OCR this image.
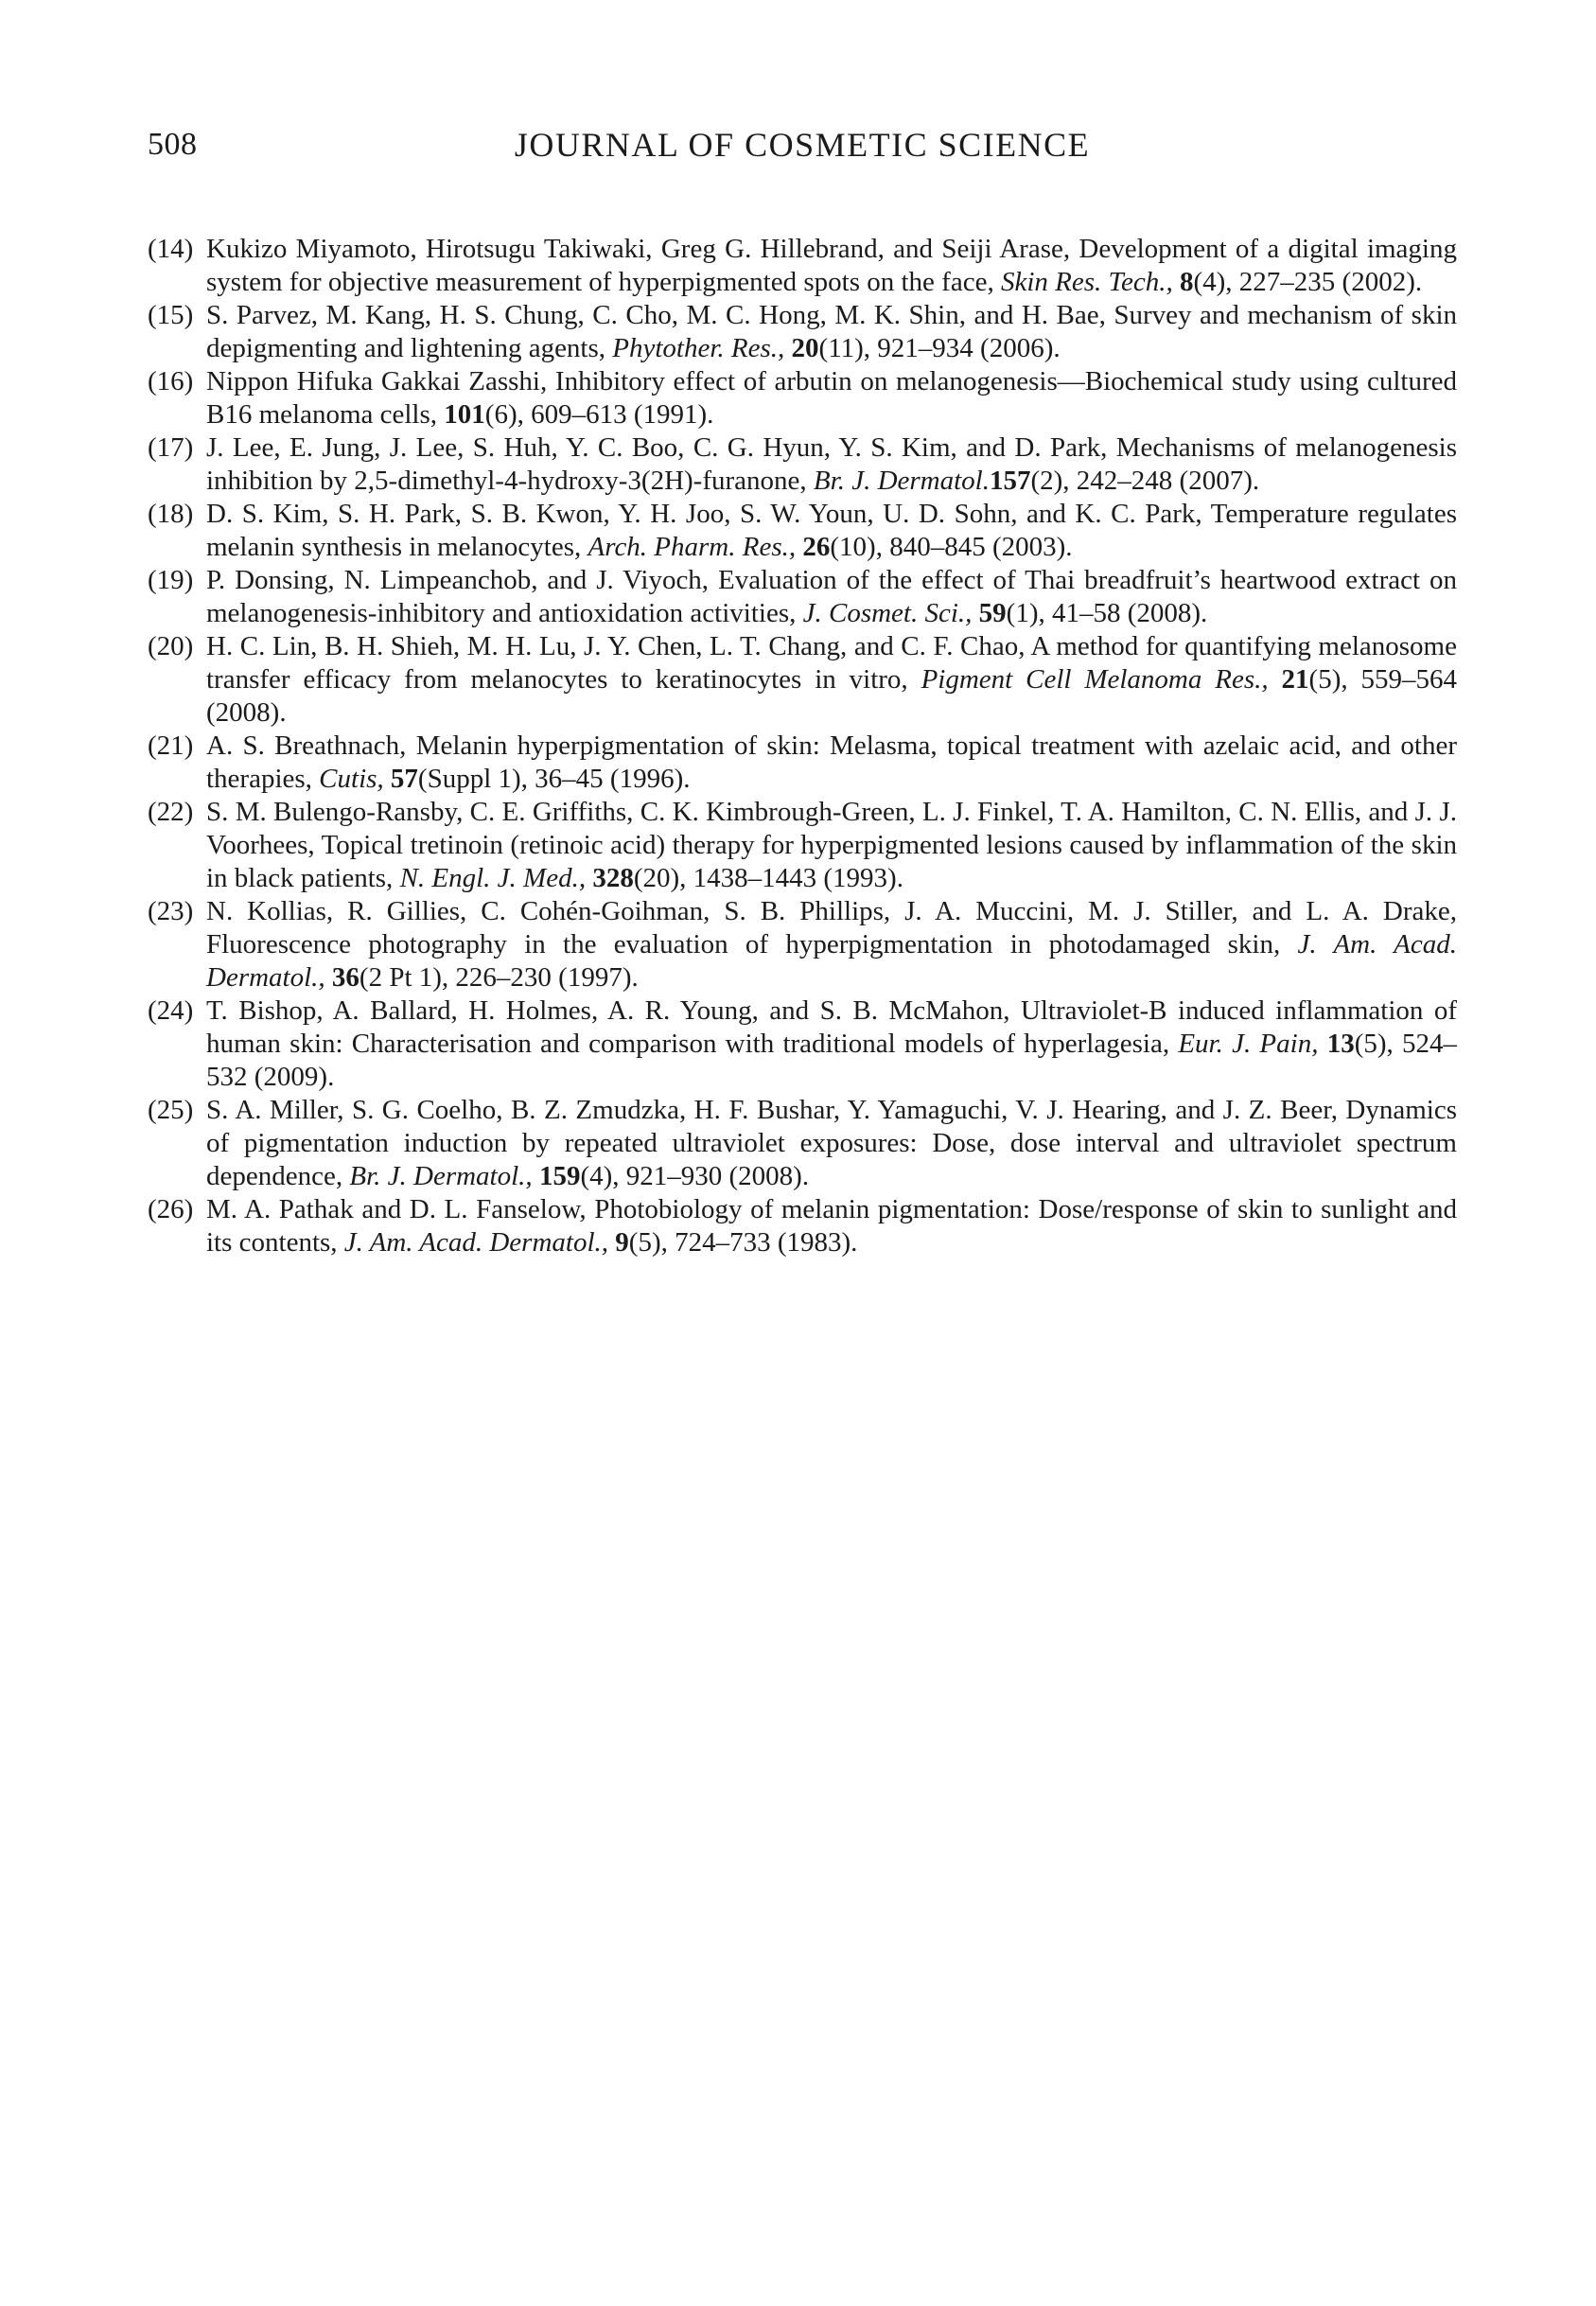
508	JOURNAL OF COSMETIC SCIENCE
(14) Kukizo Miyamoto, Hirotsugu Takiwaki, Greg G. Hillebrand, and Seiji Arase, Development of a digital imaging system for objective measurement of hyperpigmented spots on the face, Skin Res. Tech., 8(4), 227–235 (2002).
(15) S. Parvez, M. Kang, H. S. Chung, C. Cho, M. C. Hong, M. K. Shin, and H. Bae, Survey and mechanism of skin depigmenting and lightening agents, Phytother. Res., 20(11), 921–934 (2006).
(16) Nippon Hifuka Gakkai Zasshi, Inhibitory effect of arbutin on melanogenesis—Biochemical study using cultured B16 melanoma cells, 101(6), 609–613 (1991).
(17) J. Lee, E. Jung, J. Lee, S. Huh, Y. C. Boo, C. G. Hyun, Y. S. Kim, and D. Park, Mechanisms of melanogenesis inhibition by 2,5-dimethyl-4-hydroxy-3(2H)-furanone, Br. J. Dermatol.157(2), 242–248 (2007).
(18) D. S. Kim, S. H. Park, S. B. Kwon, Y. H. Joo, S. W. Youn, U. D. Sohn, and K. C. Park, Temperature regulates melanin synthesis in melanocytes, Arch. Pharm. Res., 26(10), 840–845 (2003).
(19) P. Donsing, N. Limpeanchob, and J. Viyoch, Evaluation of the effect of Thai breadfruit’s heartwood extract on melanogenesis-inhibitory and antioxidation activities, J. Cosmet. Sci., 59(1), 41–58 (2008).
(20) H. C. Lin, B. H. Shieh, M. H. Lu, J. Y. Chen, L. T. Chang, and C. F. Chao, A method for quantifying melanosome transfer efficacy from melanocytes to keratinocytes in vitro, Pigment Cell Melanoma Res., 21(5), 559–564 (2008).
(21) A. S. Breathnach, Melanin hyperpigmentation of skin: Melasma, topical treatment with azelaic acid, and other therapies, Cutis, 57(Suppl 1), 36–45 (1996).
(22) S. M. Bulengo-Ransby, C. E. Griffiths, C. K. Kimbrough-Green, L. J. Finkel, T. A. Hamilton, C. N. Ellis, and J. J. Voorhees, Topical tretinoin (retinoic acid) therapy for hyperpigmented lesions caused by inflammation of the skin in black patients, N. Engl. J. Med., 328(20), 1438–1443 (1993).
(23) N. Kollias, R. Gillies, C. Cohén-Goihman, S. B. Phillips, J. A. Muccini, M. J. Stiller, and L. A. Drake, Fluorescence photography in the evaluation of hyperpigmentation in photodamaged skin, J. Am. Acad. Dermatol., 36(2 Pt 1), 226–230 (1997).
(24) T. Bishop, A. Ballard, H. Holmes, A. R. Young, and S. B. McMahon, Ultraviolet-B induced inflammation of human skin: Characterisation and comparison with traditional models of hyperlagesia, Eur. J. Pain, 13(5), 524–532 (2009).
(25) S. A. Miller, S. G. Coelho, B. Z. Zmudzka, H. F. Bushar, Y. Yamaguchi, V. J. Hearing, and J. Z. Beer, Dynamics of pigmentation induction by repeated ultraviolet exposures: Dose, dose interval and ultraviolet spectrum dependence, Br. J. Dermatol., 159(4), 921–930 (2008).
(26) M. A. Pathak and D. L. Fanselow, Photobiology of melanin pigmentation: Dose/response of skin to sunlight and its contents, J. Am. Acad. Dermatol., 9(5), 724–733 (1983).
